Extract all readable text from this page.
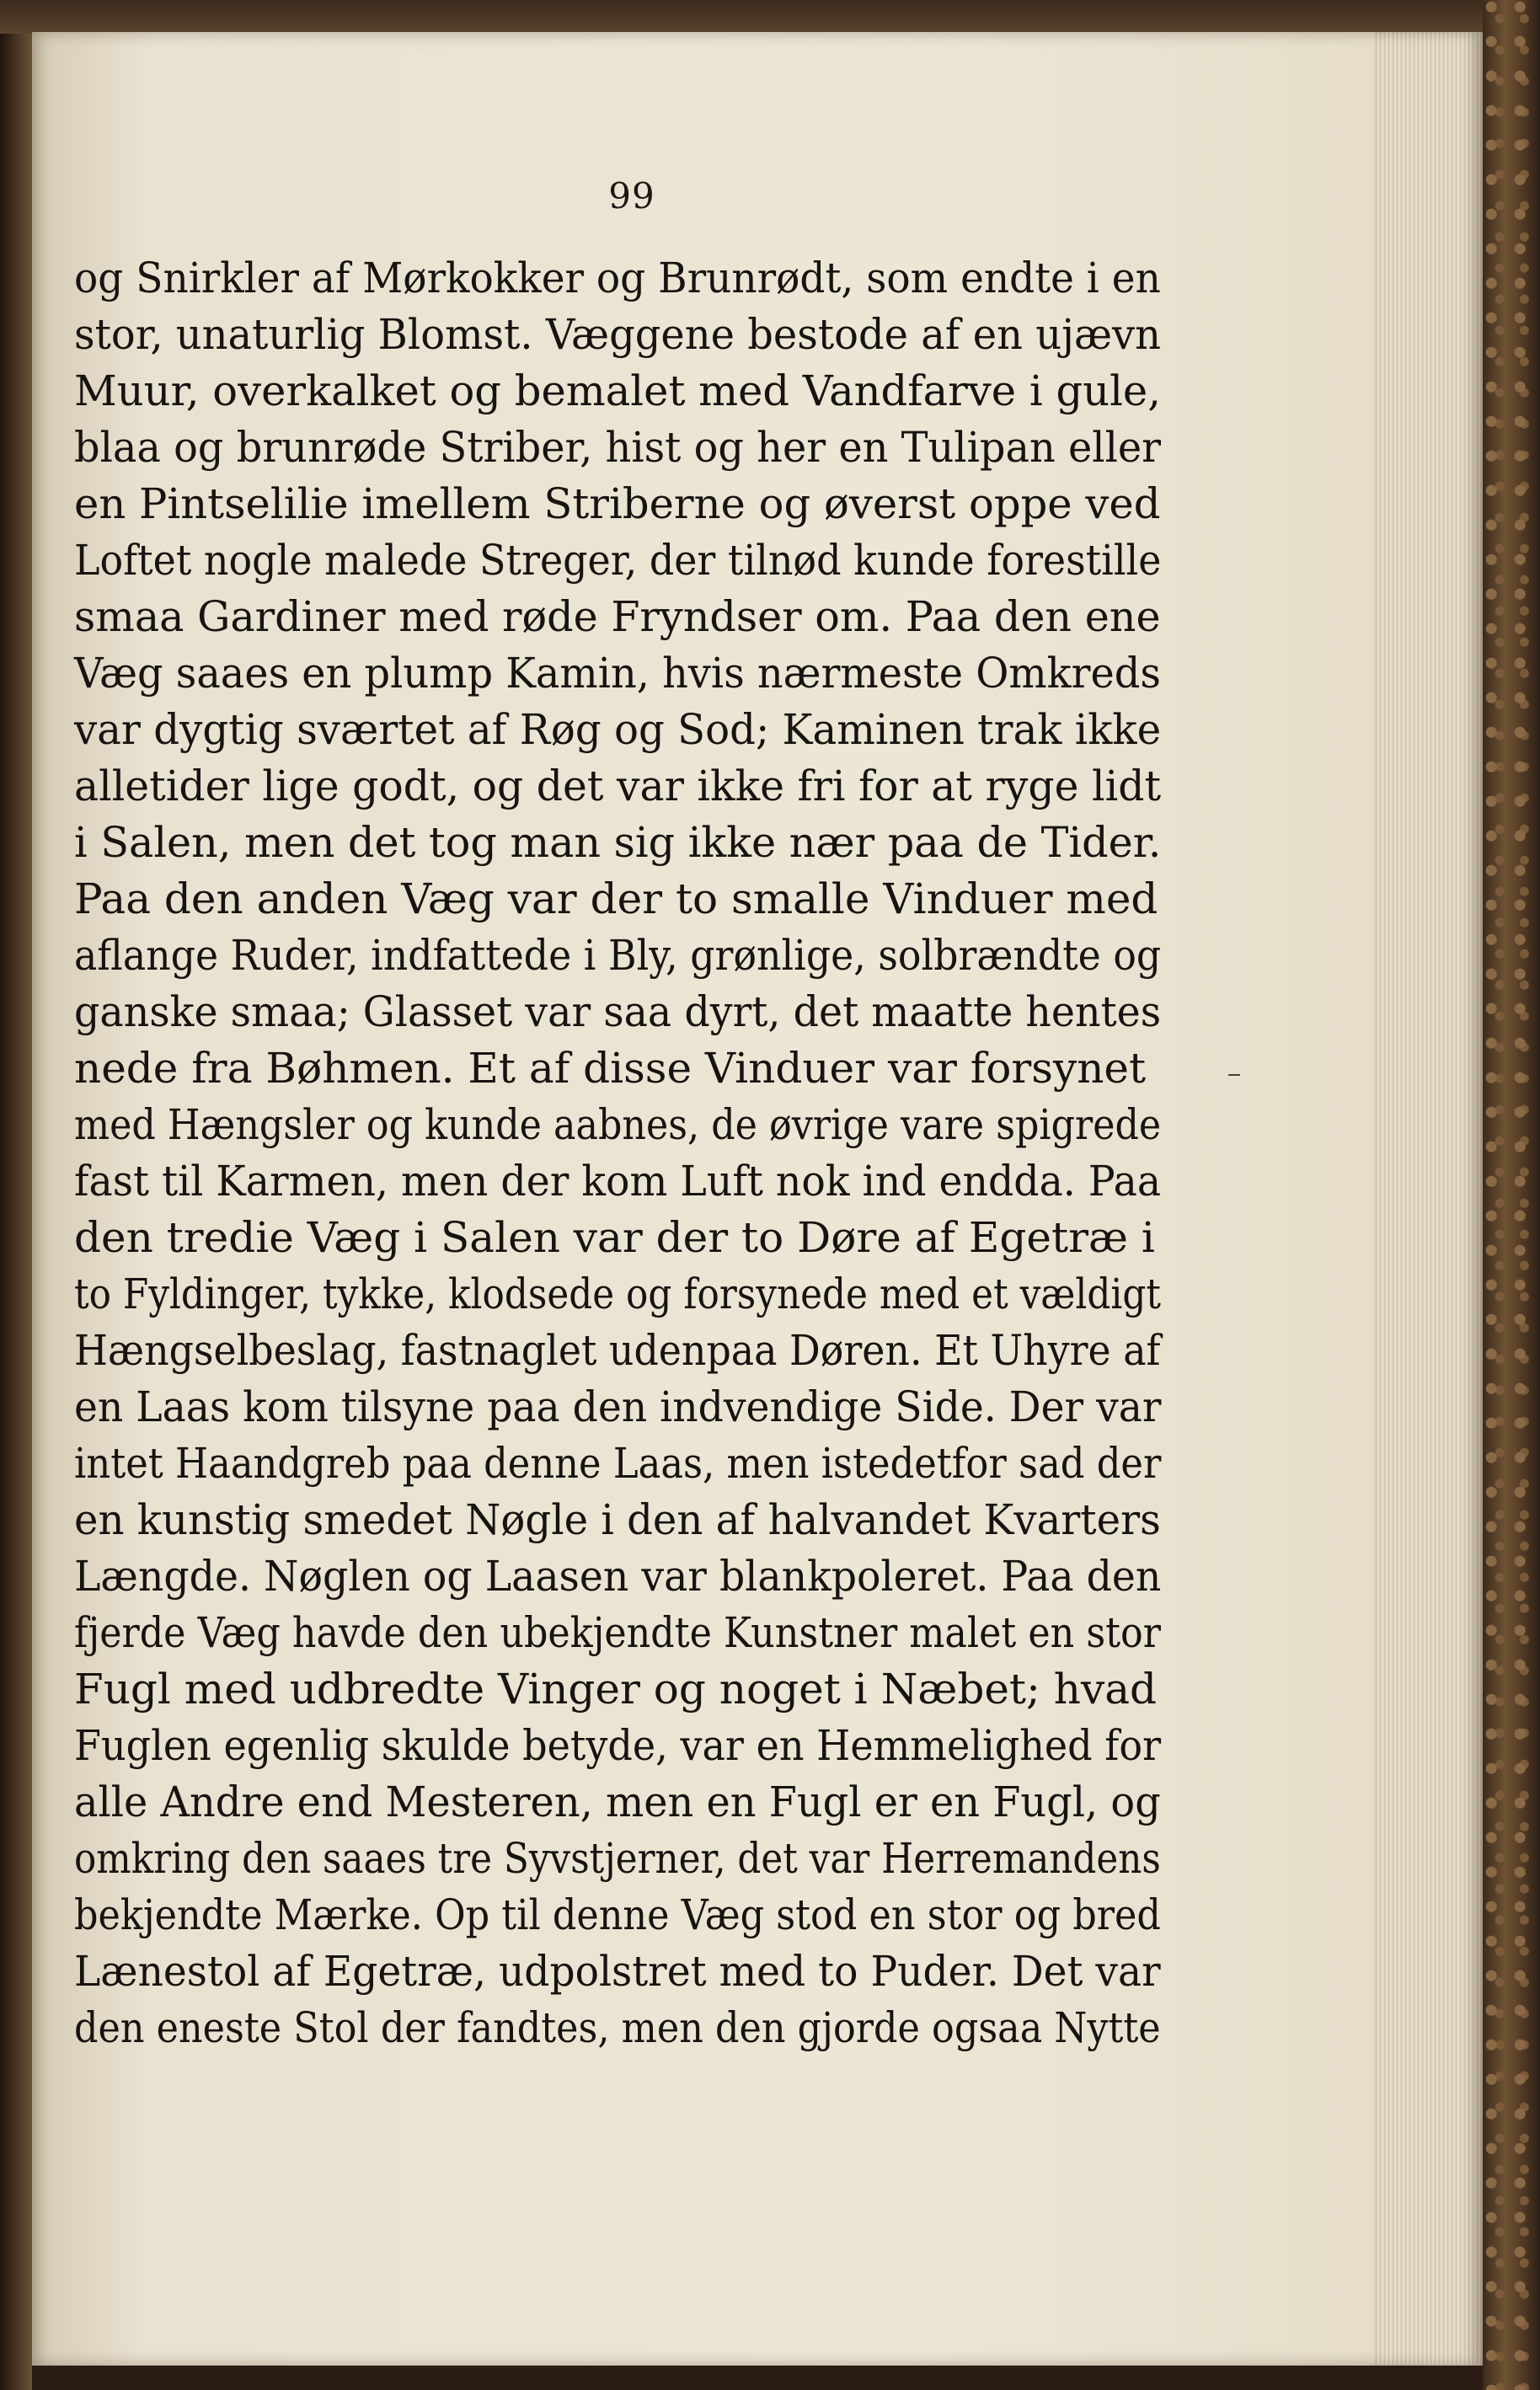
99
og Snirkler af Mørkokker og Brunrødt, som endte i en
stor, unaturlig Blomst. Væggene bestode af en ujævn
Muur, overkalket og bemalet med Vandfarve i gule,
blaa og brunrøde Striber, hist og her en Tulipan eller
en Pintselilie imellem Striberne og øverst oppe ved
Loftet nogle malede Streger, der tilnød kunde forestille
smaa Gardiner med røde Fryndser om. Paa den ene
Væg saaes en plump Kamin, hvis nærmeste Omkreds
var dygtig sværtet af Røg og Sod; Kaminen trak ikke
alletider lige godt, og det var ikke fri for at ryge lidt
i Salen, men det tog man sig ikke nær paa de Tider.
Paa den anden Væg var der to smalle Vinduer med
aflange Ruder, indfattede i Bly, grønlige, solbrændte og
ganske smaa; Glasset var saa dyrt, det maatte hentes
nede fra Bøhmen. Et af disse Vinduer var forsynet
med Hængsler og kunde aabnes, de øvrige vare spigrede
fast til Karmen, men der kom Luft nok ind endda. Paa
den tredie Væg i Salen var der to Døre af Egetræ i
to Fyldinger, tykke, klodsede og forsynede med et vældigt
Hængselbeslag, fastnaglet udenpaa Døren. Et Uhyre af
en Laas kom tilsyne paa den indvendige Side. Der var
intet Haandgreb paa denne Laas, men istedetfor sad der
en kunstig smedet Nøgle i den af halvandet Kvarters
Længde. Nøglen og Laasen var blankpoleret. Paa den
fjerde Væg havde den ubekjendte Kunstner malet en stor
Fugl med udbredte Vinger og noget i Næbet; hvad
Fuglen egenlig skulde betyde, var en Hemmelighed for
alle Andre end Mesteren, men en Fugl er en Fugl, og
omkring den saaes tre Syvstjerner, det var Herremandens
bekjendte Mærke. Op til denne Væg stod en stor og bred
Lænestol af Egetræ, udpolstret med to Puder. Det var
den eneste Stol der fandtes, men den gjorde ogsaa Nytte
